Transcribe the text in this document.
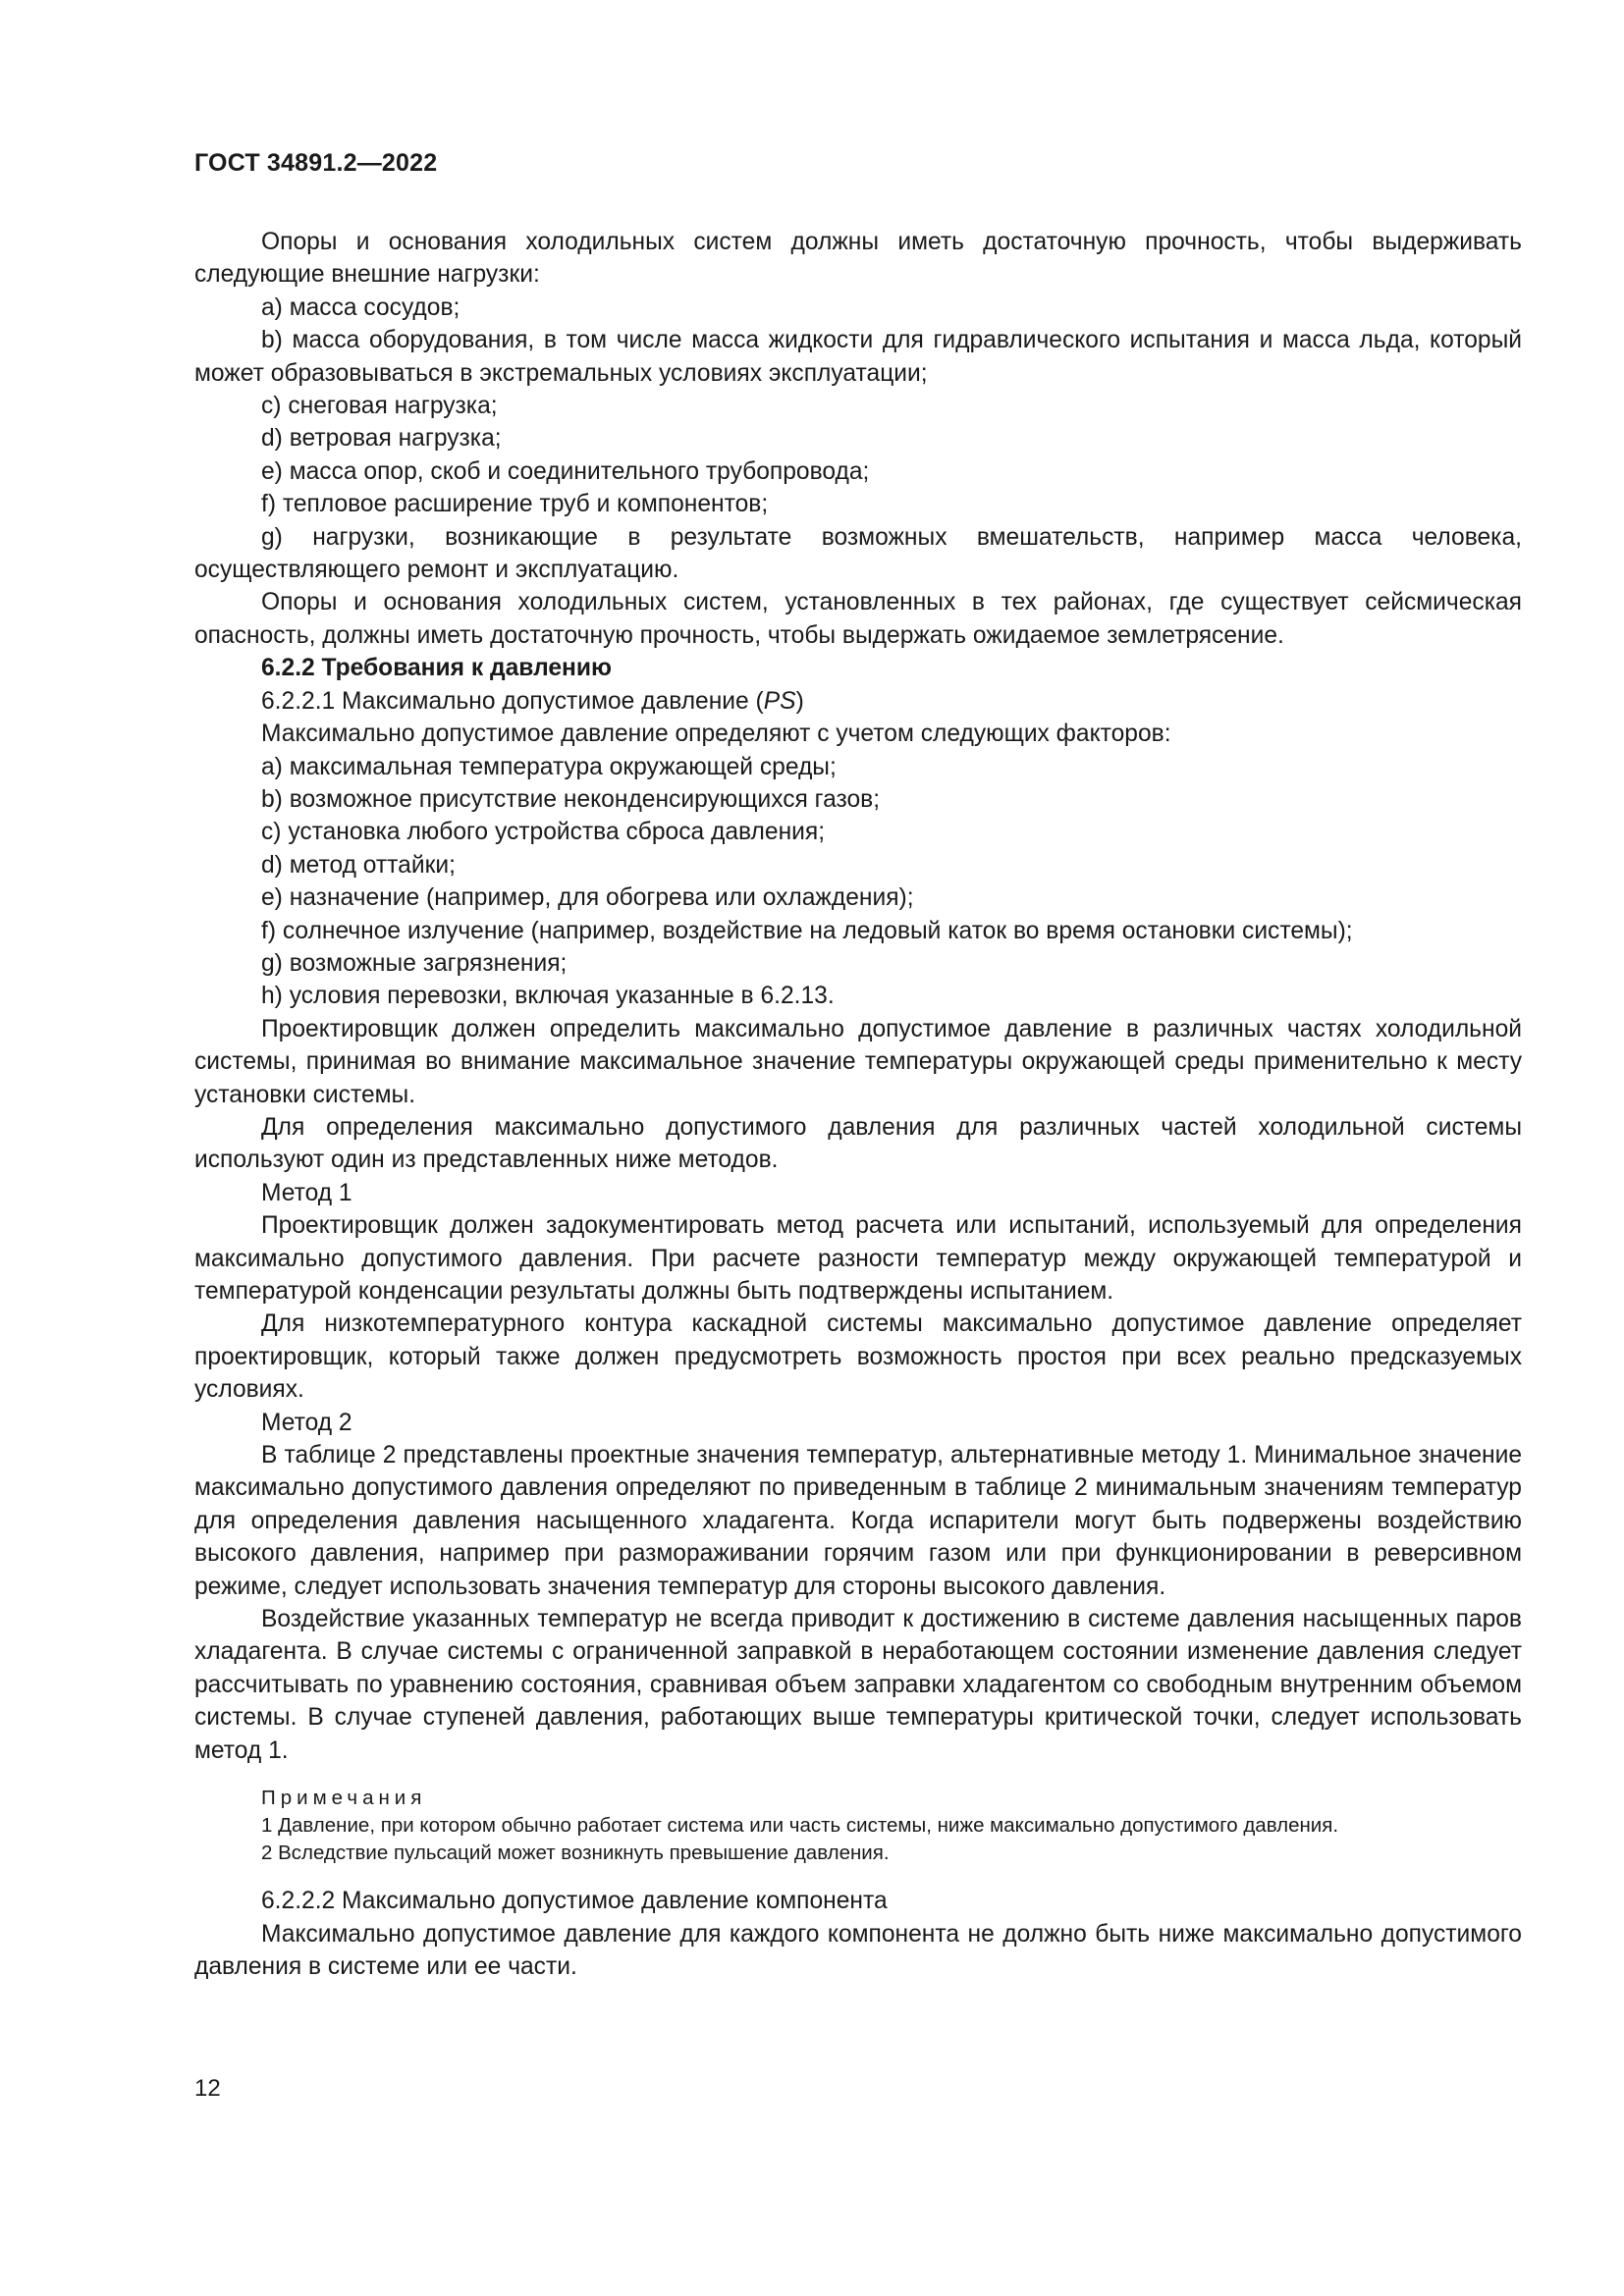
ГОСТ 34891.2—2022

Опоры и основания холодильных систем должны иметь достаточную прочность, чтобы выдерживать следующие внешние нагрузки:

a) масса сосудов;

b) масса оборудования, в том числе масса жидкости для гидравлического испытания и масса льда, который может образовываться в экстремальных условиях эксплуатации;

c) снеговая нагрузка;

d) ветровая нагрузка;

e) масса опор, скоб и соединительного трубопровода;

f) тепловое расширение труб и компонентов;

g) нагрузки, возникающие в результате возможных вмешательств, например масса человека, осуществляющего ремонт и эксплуатацию.

Опоры и основания холодильных систем, установленных в тех районах, где существует сейсмическая опасность, должны иметь достаточную прочность, чтобы выдержать ожидаемое землетрясение.

6.2.2 Требования к давлению

6.2.2.1 Максимально допустимое давление (PS)

Максимально допустимое давление определяют с учетом следующих факторов:

a) максимальная температура окружающей среды;

b) возможное присутствие неконденсирующихся газов;

c) установка любого устройства сброса давления;

d) метод оттайки;

e) назначение (например, для обогрева или охлаждения);

f) солнечное излучение (например, воздействие на ледовый каток во время остановки системы);

g) возможные загрязнения;

h) условия перевозки, включая указанные в 6.2.13.

Проектировщик должен определить максимально допустимое давление в различных частях холодильной системы, принимая во внимание максимальное значение температуры окружающей среды применительно к месту установки системы.

Для определения максимально допустимого давления для различных частей холодильной системы используют один из представленных ниже методов.

Метод 1

Проектировщик должен задокументировать метод расчета или испытаний, используемый для определения максимально допустимого давления. При расчете разности температур между окружающей температурой и температурой конденсации результаты должны быть подтверждены испытанием.

Для низкотемпературного контура каскадной системы максимально допустимое давление определяет проектировщик, который также должен предусмотреть возможность простоя при всех реально предсказуемых условиях.

Метод 2

В таблице 2 представлены проектные значения температур, альтернативные методу 1. Минимальное значение максимально допустимого давления определяют по приведенным в таблице 2 минимальным значениям температур для определения давления насыщенного хладагента. Когда испарители могут быть подвержены воздействию высокого давления, например при размораживании горячим газом или при функционировании в реверсивном режиме, следует использовать значения температур для стороны высокого давления.

Воздействие указанных температур не всегда приводит к достижению в системе давления насыщенных паров хладагента. В случае системы с ограниченной заправкой в неработающем состоянии изменение давления следует рассчитывать по уравнению состояния, сравнивая объем заправки хладагентом со свободным внутренним объемом системы. В случае ступеней давления, работающих выше температуры критической точки, следует использовать метод 1.

Примечания

1 Давление, при котором обычно работает система или часть системы, ниже максимально допустимого давления.

2 Вследствие пульсаций может возникнуть превышение давления.

6.2.2.2 Максимально допустимое давление компонента

Максимально допустимое давление для каждого компонента не должно быть ниже максимально допустимого давления в системе или ее части.

12
